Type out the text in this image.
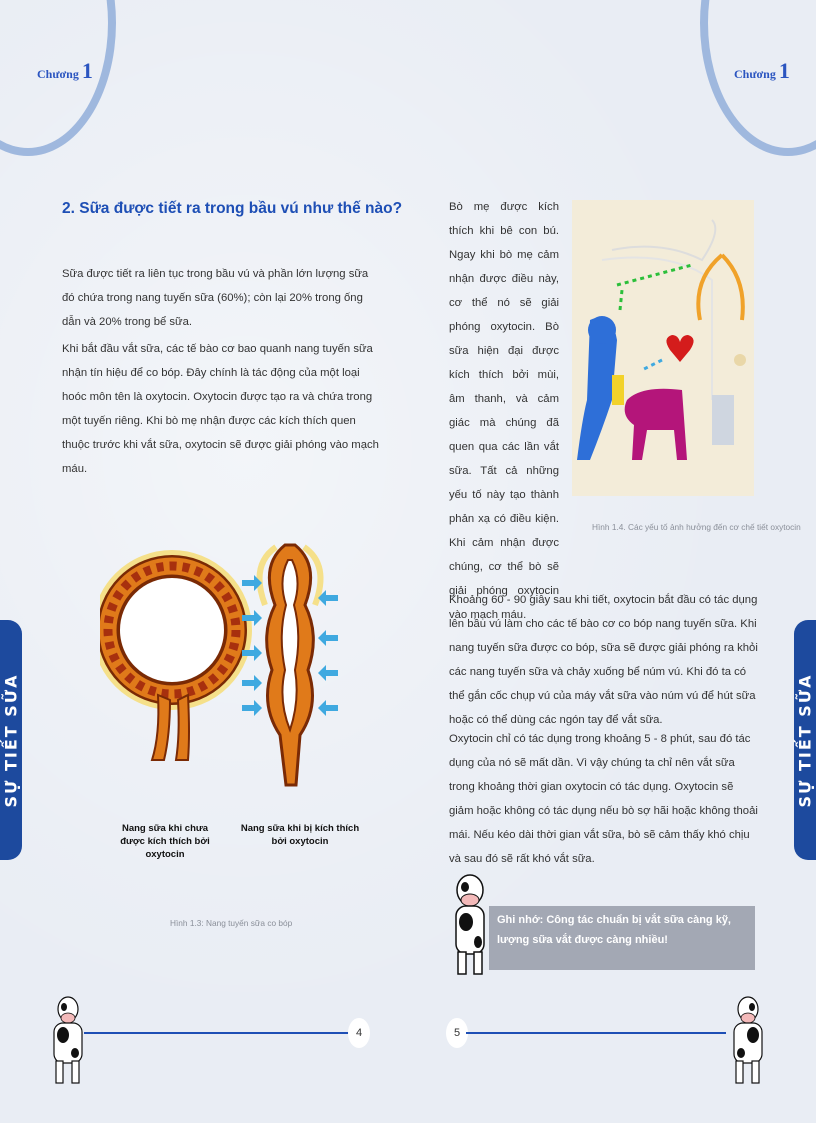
Chương 1	Chương 1
SỰ TIẾT SỮA	SỰ TIẾT SỮA
2. Sữa được tiết ra trong bầu vú như thế nào?
Sữa được tiết ra liên tục trong bầu vú và phần lớn lượng sữa đó chứa trong nang tuyến sữa (60%); còn lại 20% trong ống dẫn và 20% trong bể sữa.
Khi bắt đầu vắt sữa, các tế bào cơ bao quanh nang tuyến sữa nhận tín hiệu để co bóp. Đây chính là tác động của một loại hoóc môn tên là oxytocin. Oxytocin được tạo ra và chứa trong một tuyến riêng. Khi bò mẹ nhận được các kích thích quen thuộc trước khi vắt sữa, oxytocin sẽ được giải phóng vào mạch máu.
Nang sữa khi chưa được kích thích bởi oxytocin
Nang sữa khi bị kích thích bởi oxytocin
Hình 1.3: Nang tuyến sữa co bóp
Bò mẹ được kích thích khi bê con bú. Ngay khi bò mẹ cảm nhận được điều này, cơ thể nó sẽ giải phóng oxytocin. Bò sữa hiện đại được kích thích bởi mùi, âm thanh, và cảm giác mà chúng đã quen qua các lần vắt sữa. Tất cả những yếu tố này tạo thành phản xạ có điều kiện. Khi cảm nhận được chúng, cơ thể bò sẽ giải phóng oxytocin vào mạch máu.
Hình 1.4. Các yếu tố ảnh hưởng đến cơ chế tiết oxytocin
Khoảng 60 - 90 giây sau khi tiết, oxytocin bắt đầu có tác dụng lên bầu vú làm cho các tế bào cơ co bóp nang tuyến sữa. Khi nang tuyến sữa được co bóp, sữa sẽ được giải phóng ra khỏi các nang tuyến sữa và chảy xuống bể núm vú. Khi đó ta có thể gắn cốc chụp vú của máy vắt sữa vào núm vú để hút sữa hoặc có thể dùng các ngón tay để vắt sữa.
Oxytocin chỉ có tác dụng trong khoảng 5 - 8 phút, sau đó tác dụng của nó sẽ mất dần. Vì vậy chúng ta chỉ nên vắt sữa trong khoảng thời gian oxytocin có tác dụng. Oxytocin sẽ giảm hoặc không có tác dụng nếu bò sợ hãi hoặc không thoải mái. Nếu kéo dài thời gian vắt sữa, bò sẽ cảm thấy khó chịu và sau đó sẽ rất khó vắt sữa.
Ghi nhớ: Công tác chuẩn bị vắt sữa càng kỹ, lượng sữa vắt được càng nhiều!
4	5
